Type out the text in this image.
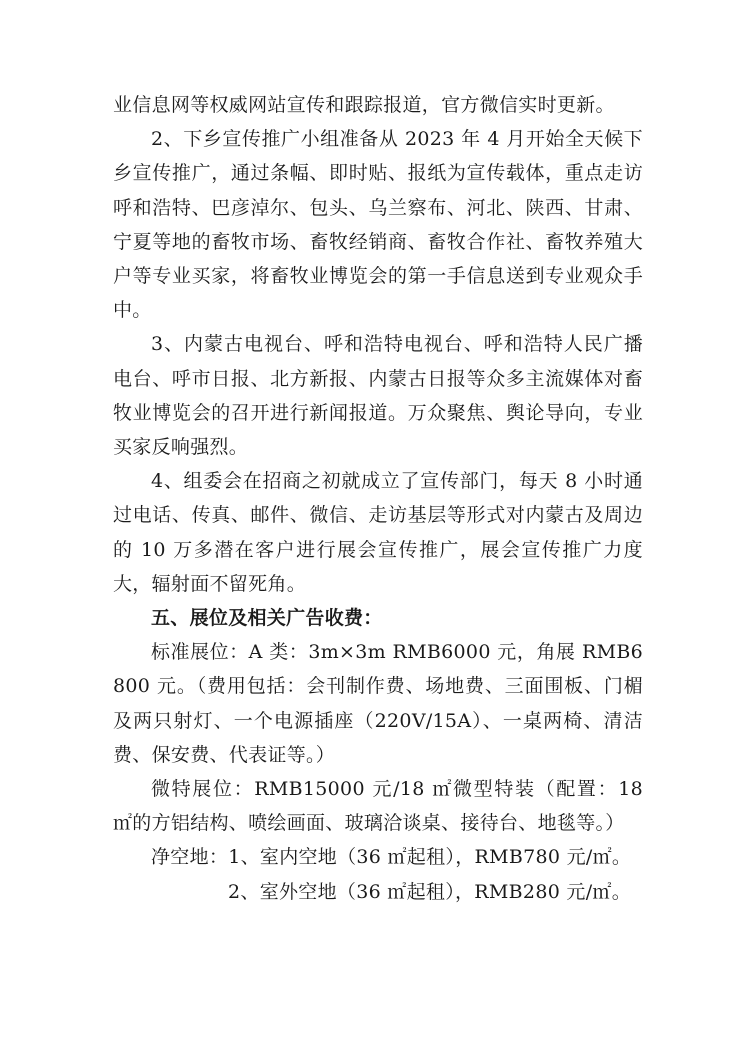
业信息网等权威网站宣传和跟踪报道，官方微信实时更新。

2、下乡宣传推广小组准备从 2023 年 4 月开始全天候下乡宣传推广，通过条幅、即时贴、报纸为宣传载体，重点走访呼和浩特、巴彦淖尔、包头、乌兰察布、河北、陕西、甘肃、宁夏等地的畜牧市场、畜牧经销商、畜牧合作社、畜牧养殖大户等专业买家，将畜牧业博览会的第一手信息送到专业观众手中。

3、内蒙古电视台、呼和浩特电视台、呼和浩特人民广播电台、呼市日报、北方新报、内蒙古日报等众多主流媒体对畜牧业博览会的召开进行新闻报道。万众聚焦、舆论导向，专业买家反响强烈。

4、组委会在招商之初就成立了宣传部门，每天 8 小时通过电话、传真、邮件、微信、走访基层等形式对内蒙古及周边的 10 万多潜在客户进行展会宣传推广，展会宣传推广力度大，辐射面不留死角。

五、展位及相关广告收费：

标准展位：A 类：3m×3m RMB6000 元，角展 RMB6800 元。（费用包括：会刊制作费、场地费、三面围板、门楣及两只射灯、一个电源插座（220V/15A）、一桌两椅、清洁费、保安费、代表证等。）

微特展位：RMB15000 元/18 ㎡微型特装（配置：18 ㎡的方铝结构、喷绘画面、玻璃洽谈桌、接待台、地毯等。）

净空地：1、室内空地（36 ㎡起租），RMB780 元/㎡。

2、室外空地（36 ㎡起租），RMB280 元/㎡。
